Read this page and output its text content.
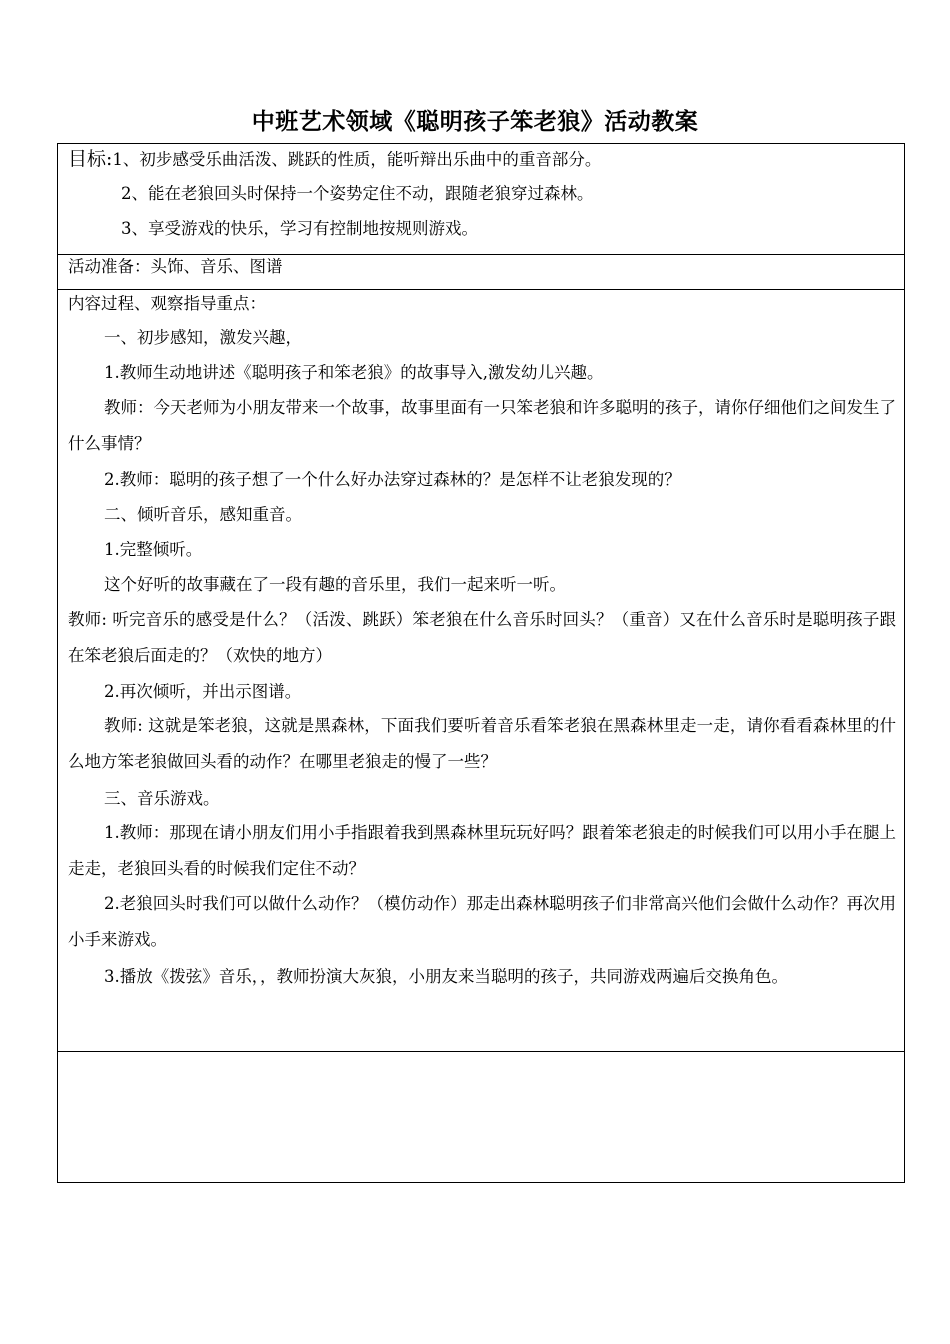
中班艺术领域《聪明孩子笨老狼》活动教案
目标:1、初步感受乐曲活泼、跳跃的性质，能听辩出乐曲中的重音部分。
2、能在老狼回头时保持一个姿势定住不动，跟随老狼穿过森林。
3、享受游戏的快乐，学习有控制地按规则游戏。
活动准备：头饰、音乐、图谱
内容过程、观察指导重点：
一、初步感知，激发兴趣，
1.教师生动地讲述《聪明孩子和笨老狼》的故事导入,激发幼儿兴趣。
教师：今天老师为小朋友带来一个故事，故事里面有一只笨老狼和许多聪明的孩子，请你仔细他们之间发生了什么事情？
2.教师：聪明的孩子想了一个什么好办法穿过森林的？是怎样不让老狼发现的？
二、倾听音乐，感知重音。
1.完整倾听。
这个好听的故事藏在了一段有趣的音乐里，我们一起来听一听。
教师: 听完音乐的感受是什么？（活泼、跳跃）笨老狼在什么音乐时回头？（重音）又在什么音乐时是聪明孩子跟在笨老狼后面走的？（欢快的地方）
2.再次倾听，并出示图谱。
教师: 这就是笨老狼，这就是黑森林，下面我们要听着音乐看笨老狼在黑森林里走一走，请你看看森林里的什么地方笨老狼做回头看的动作？在哪里老狼走的慢了一些？
三、音乐游戏。
1.教师：那现在请小朋友们用小手指跟着我到黑森林里玩玩好吗？跟着笨老狼走的时候我们可以用小手在腿上走走，老狼回头看的时候我们定住不动？
2.老狼回头时我们可以做什么动作？（模仿动作）那走出森林聪明孩子们非常高兴他们会做什么动作？再次用小手来游戏。
3.播放《拨弦》音乐，，教师扮演大灰狼，小朋友来当聪明的孩子，共同游戏两遍后交换角色。
